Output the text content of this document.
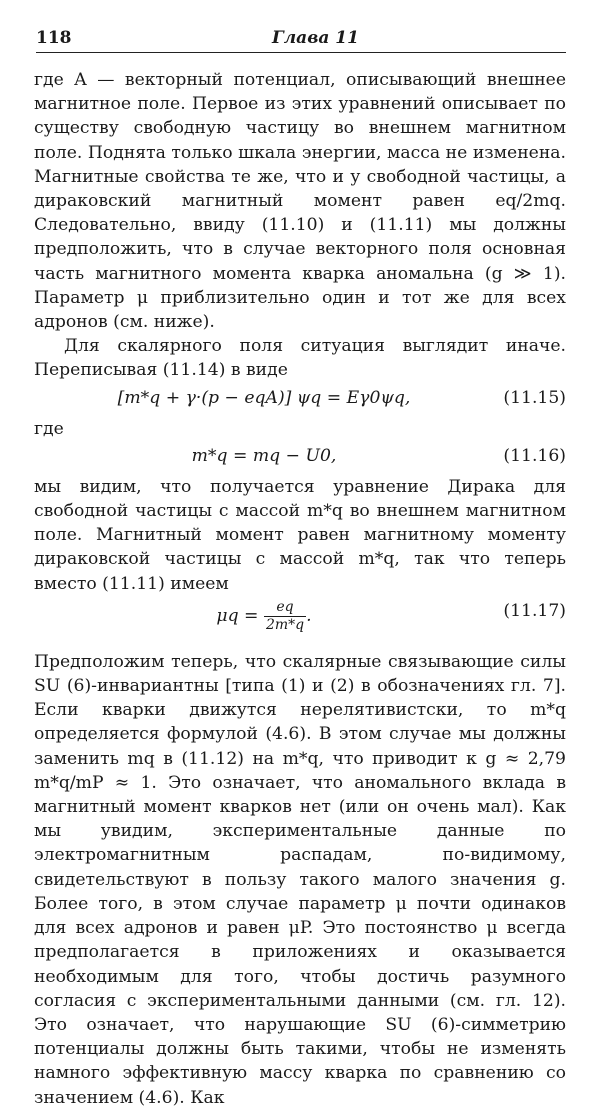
118	Глава 11

где A — векторный потенциал, описывающий внешнее магнитное поле. Первое из этих уравнений описывает по существу свободную частицу во внешнем магнитном поле. Поднята только шкала энергии, масса не изменена. Магнитные свойства те же, что и у свободной частицы, а дираковский магнитный момент равен eq/2mq. Следовательно, ввиду (11.10) и (11.11) мы должны предположить, что в случае векторного поля основная часть магнитного момента кварка аномальна (g ≫ 1). Параметр μ приблизительно один и тот же для всех адронов (см. ниже).

Для скалярного поля ситуация выглядит иначе. Переписывая (11.14) в виде

[m*q + γ·(p − eqA)] ψq = Eγ0ψq,	(11.15)

где

m*q = mq − U0,	(11.16)

мы видим, что получается уравнение Дирака для свободной частицы с массой m*q во внешнем магнитном поле. Магнитный момент равен магнитному моменту дираковской частицы с массой m*q, так что теперь вместо (11.11) имеем

$\mu q = \frac{eq}{2m*q}$ .	(11.17)

Предположим теперь, что скалярные связывающие силы SU (6)-инвариантны [типа (1) и (2) в обозначениях гл. 7]. Если кварки движутся нерелятивистски, то m*q определяется формулой (4.6). В этом случае мы должны заменить mq в (11.12) на m*q, что приводит к g ≈ 2,79 m*q/mP ≈ 1. Это означает, что аномального вклада в магнитный момент кварков нет (или он очень мал). Как мы увидим, экспериментальные данные по электромагнитным распадам, по-видимому, свидетельствуют в пользу такого малого значения g. Более того, в этом случае параметр μ почти одинаков для всех адронов и равен μP. Это постоянство μ всегда предполагается в приложениях и оказывается необходимым для того, чтобы достичь разумного согласия с экспериментальными данными (см. гл. 12). Это означает, что нарушающие SU (6)-симметрию потенциалы должны быть такими, чтобы не изменять намного эффективную массу кварка по сравнению со значением (4.6). Как
